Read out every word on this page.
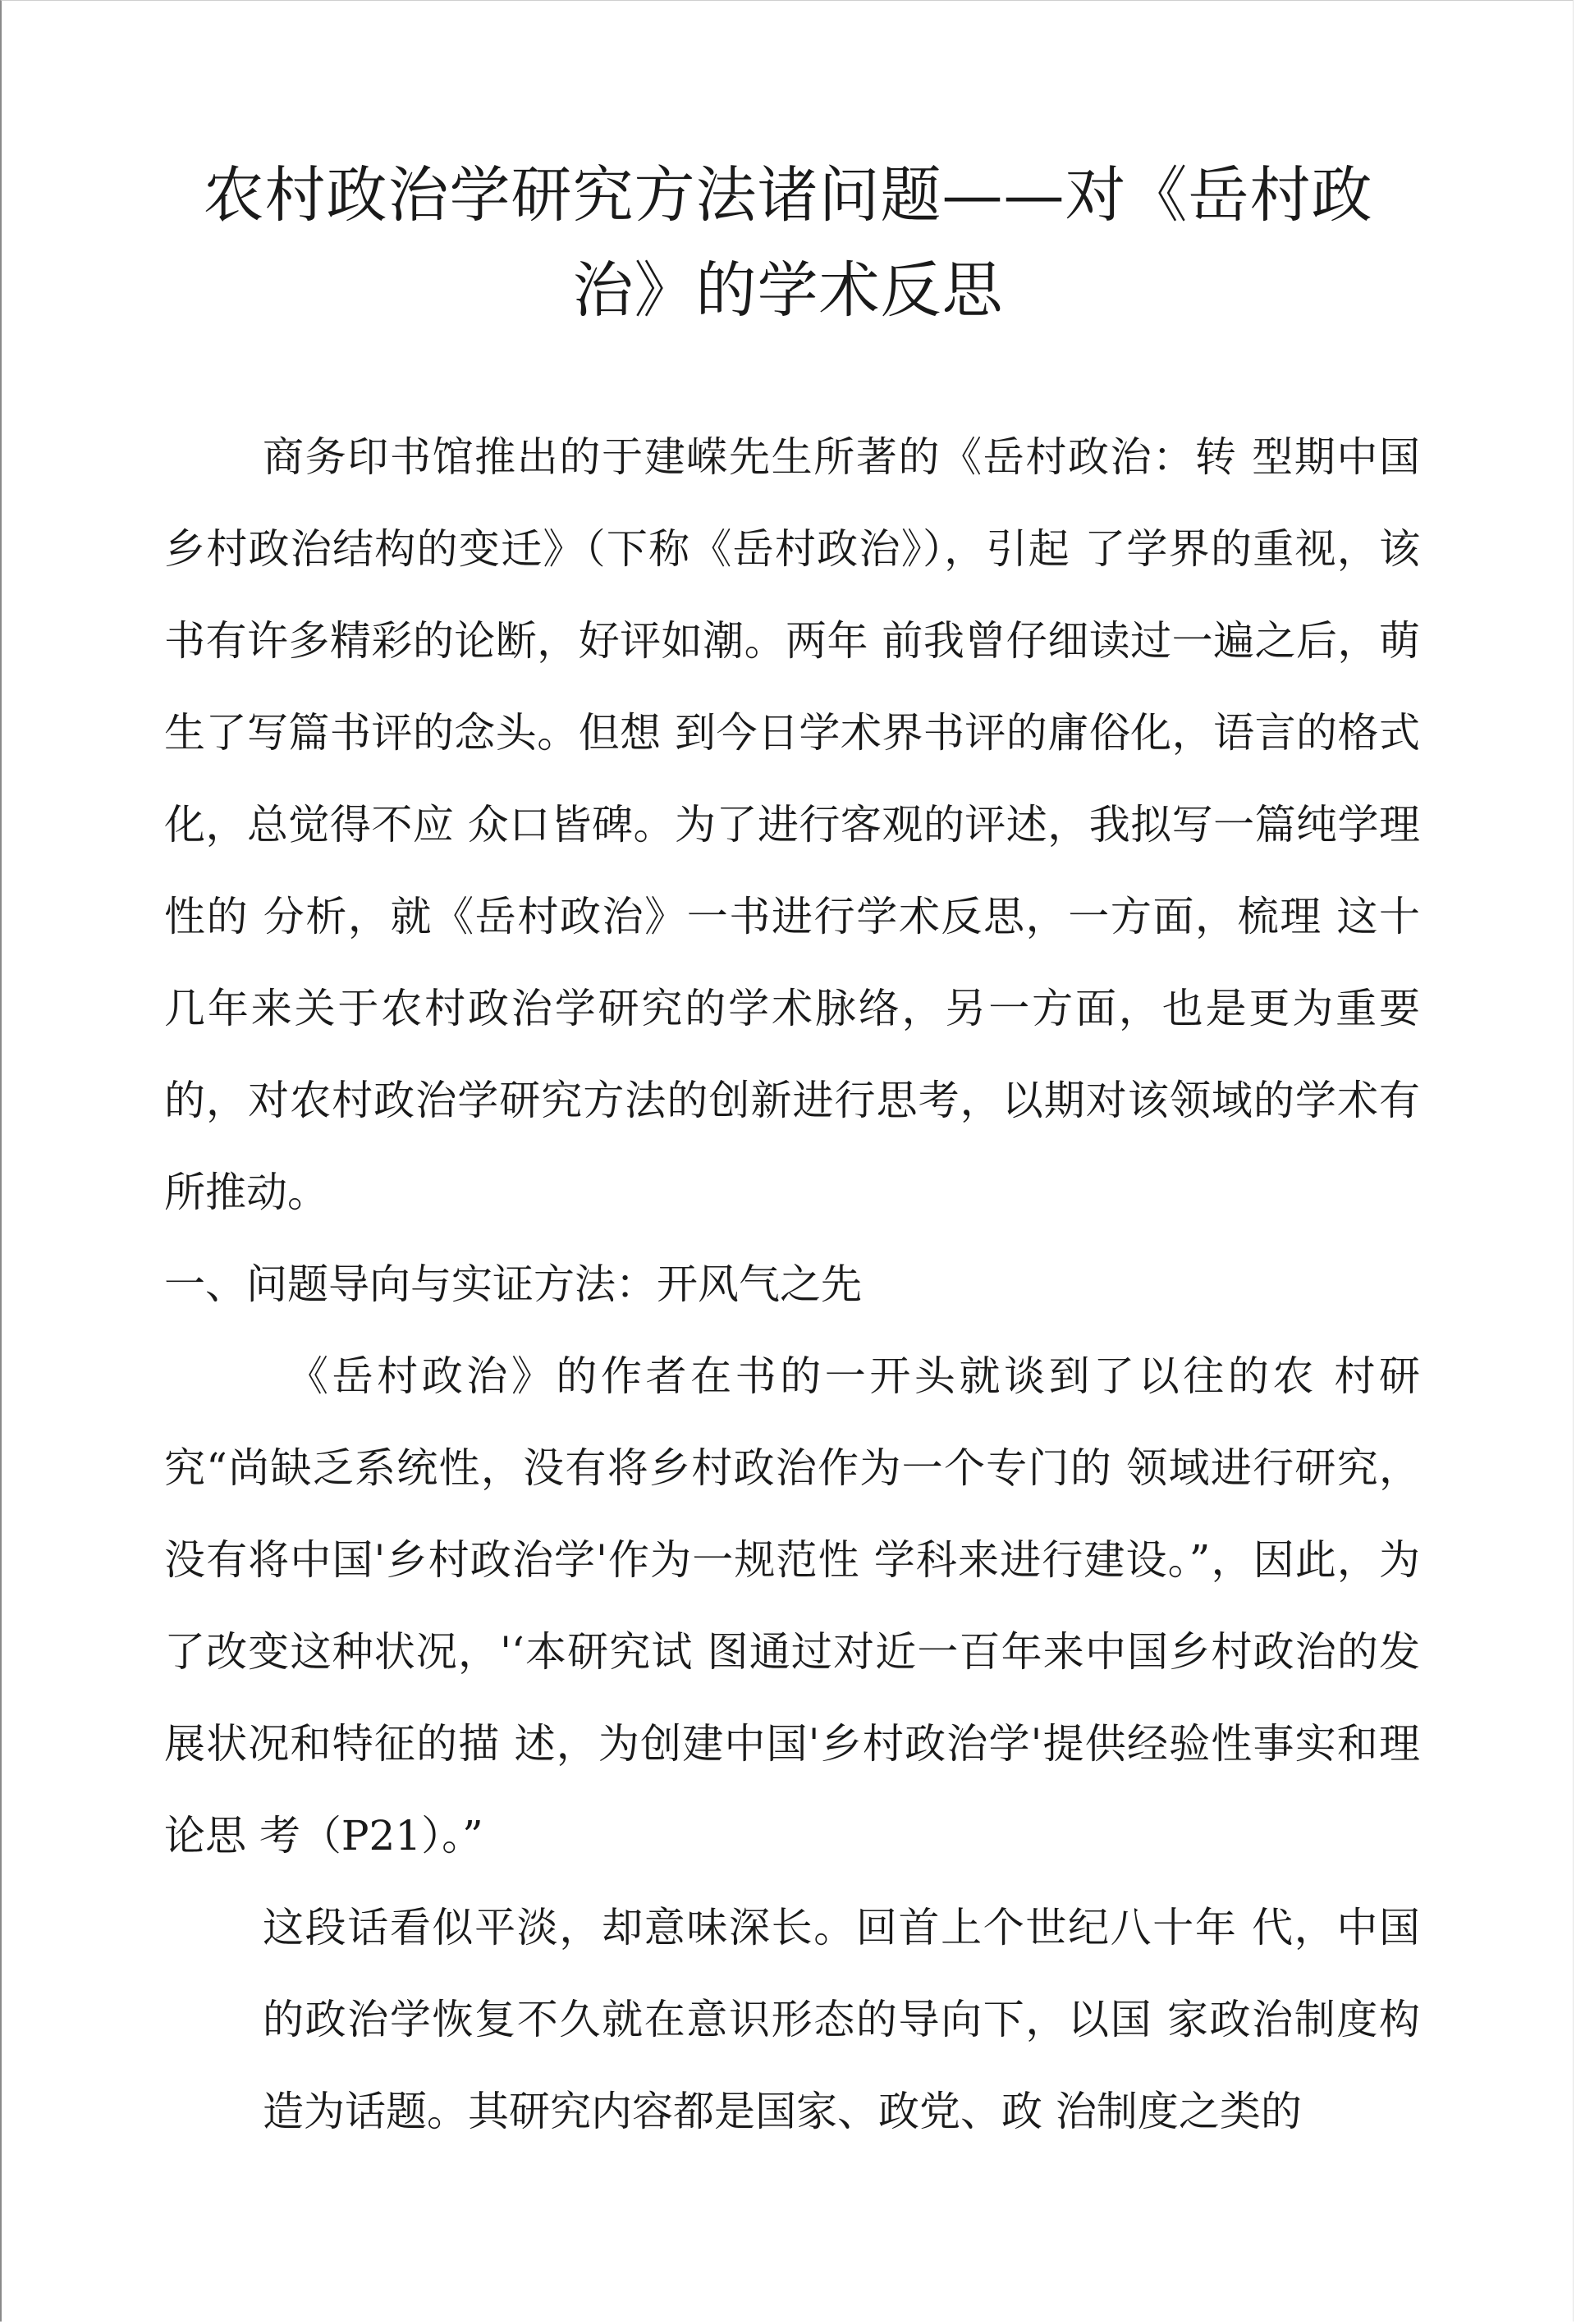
农村政治学研究方法诸问题——对《岳村政治》的学术反思

商务印书馆推出的于建嵘先生所著的《岳村政治：转 型期中国乡村政治结构的变迁》（下称《岳村政治》），引起 了学界的重视，该书有许多精彩的论断，好评如潮。两年 前我曾仔细读过一遍之后，萌生了写篇书评的念头。但想 到今日学术界书评的庸俗化，语言的格式化，总觉得不应 众口皆碑。为了进行客观的评述，我拟写一篇纯学理性的 分析，就《岳村政治》一书进行学术反思，一方面，梳理 这十几年来关于农村政治学研究的学术脉络，另一方面，也是更为重要的，对农村政治学研究方法的创新进行思考，以期对该领域的学术有所推动。

一、问题导向与实证方法：开风气之先

《岳村政治》的作者在书的一开头就谈到了以往的农 村研究“尚缺乏系统性，没有将乡村政治作为一个专门的 领域进行研究，没有将中国'乡村政治学'作为一规范性 学科来进行建设。”，因此，为了改变这种状况，'‘本研究试 图通过对近一百年来中国乡村政治的发展状况和特征的描 述，为创建中国'乡村政治学'提供经验性事实和理论思 考（P21）。”

这段话看似平淡，却意味深长。回首上个世纪八十年 代，中国的政治学恢复不久就在意识形态的导向下，以国 家政治制度构造为话题。其研究内容都是国家、政党、政 治制度之类的
